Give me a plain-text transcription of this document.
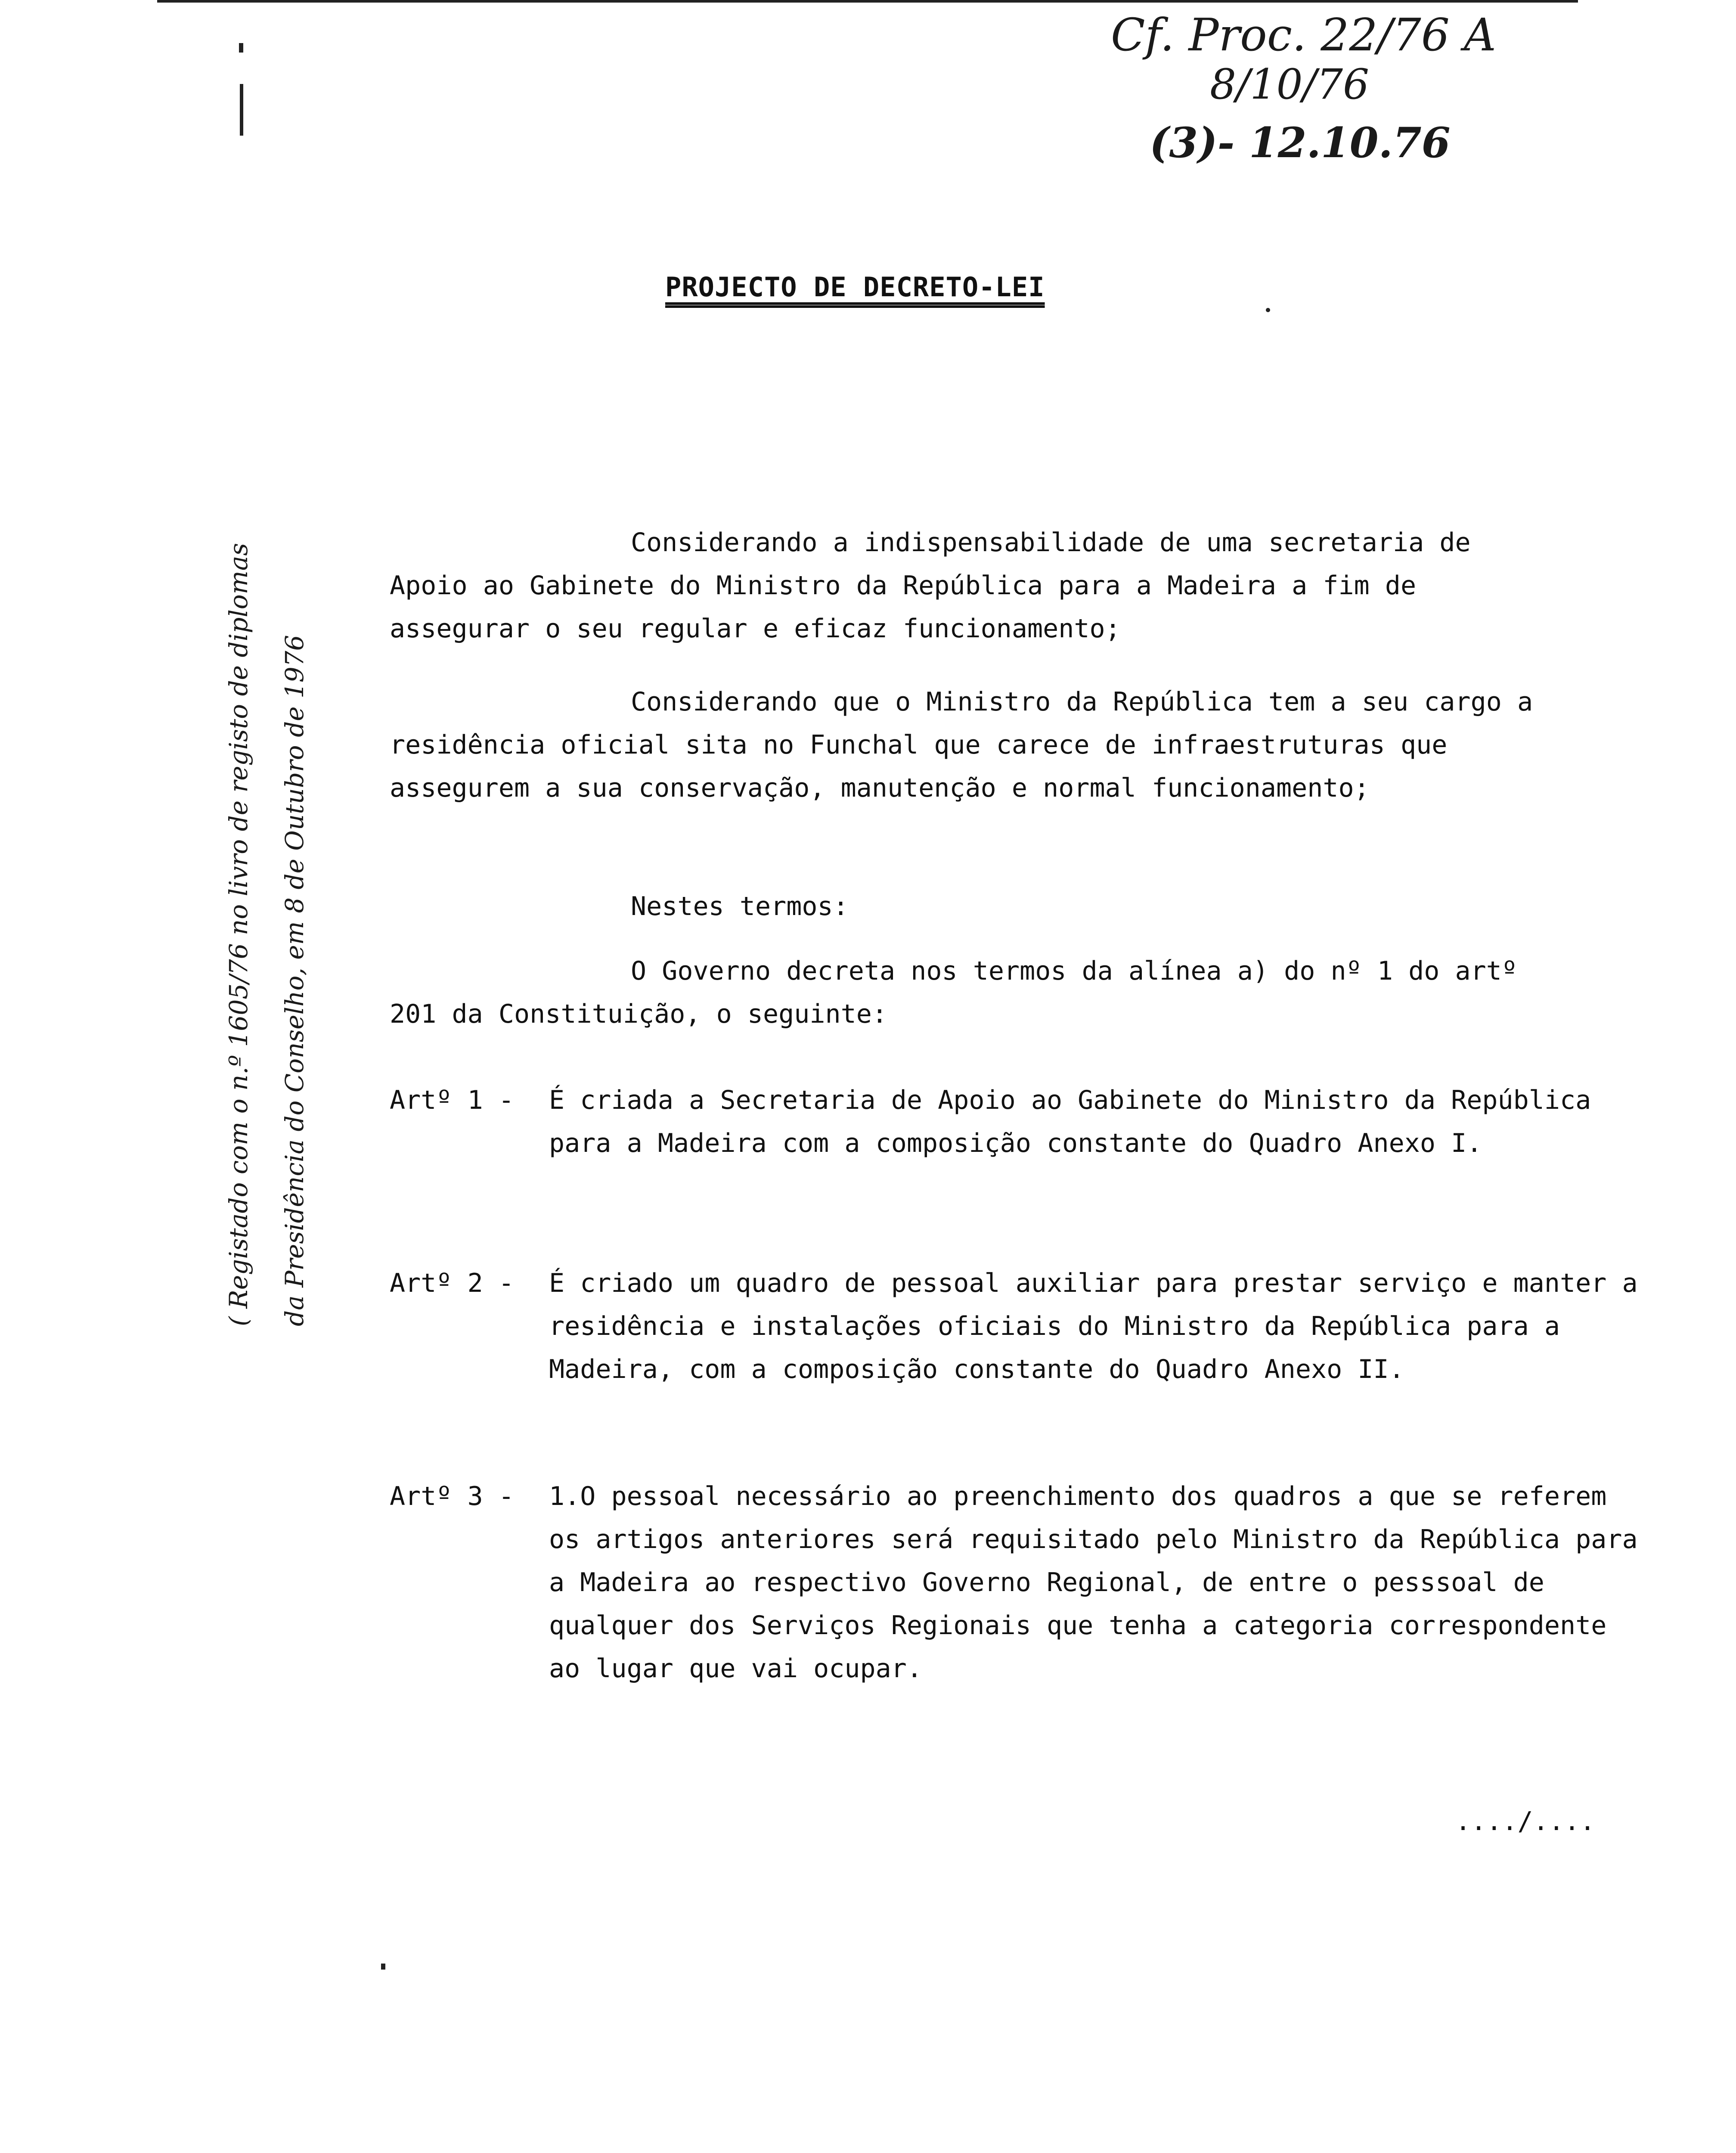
Cf. Proc. 22/76 A
8/10/76
(3)- 12.10.76
PROJECTO DE DECRETO-LEI
Considerando a indispensabilidade de uma secretaria de Apoio ao Gabinete do Ministro da República para a Madeira a fim de assegurar o seu regular e eficaz funcionamento;
Considerando que o Ministro da República tem a seu cargo a residência oficial sita no Funchal que carece de infraestruturas que assegurem a sua conservação, manutenção e normal funcionamento;
Nestes termos:
O Governo decreta nos termos da alínea a) do nº 1 do artº 201 da Constituição, o seguinte:
Artº 1 - É criada a Secretaria de Apoio ao Gabinete do Ministro da República para a Madeira com a composição constante do Quadro Anexo I.
Artº 2 - É criado um quadro de pessoal auxiliar para prestar serviço e manter a residência e instalações oficiais do Ministro da República para a Madeira, com a composição constante do Quadro Anexo II.
Artº 3 - 1.O pessoal necessário ao preenchimento dos quadros a que se referem os artigos anteriores será requisitado pelo Ministro da República para a Madeira ao respectivo Governo Regional, de entre o pesssoal de qualquer dos Serviços Regionais que tenha a categoria correspondente ao lugar que vai ocupar.
..../....
( Registado com o n.º 1605/76 no livro de registo de diplomas da Presidência do Conselho, em 8 de Outubro de 1976
